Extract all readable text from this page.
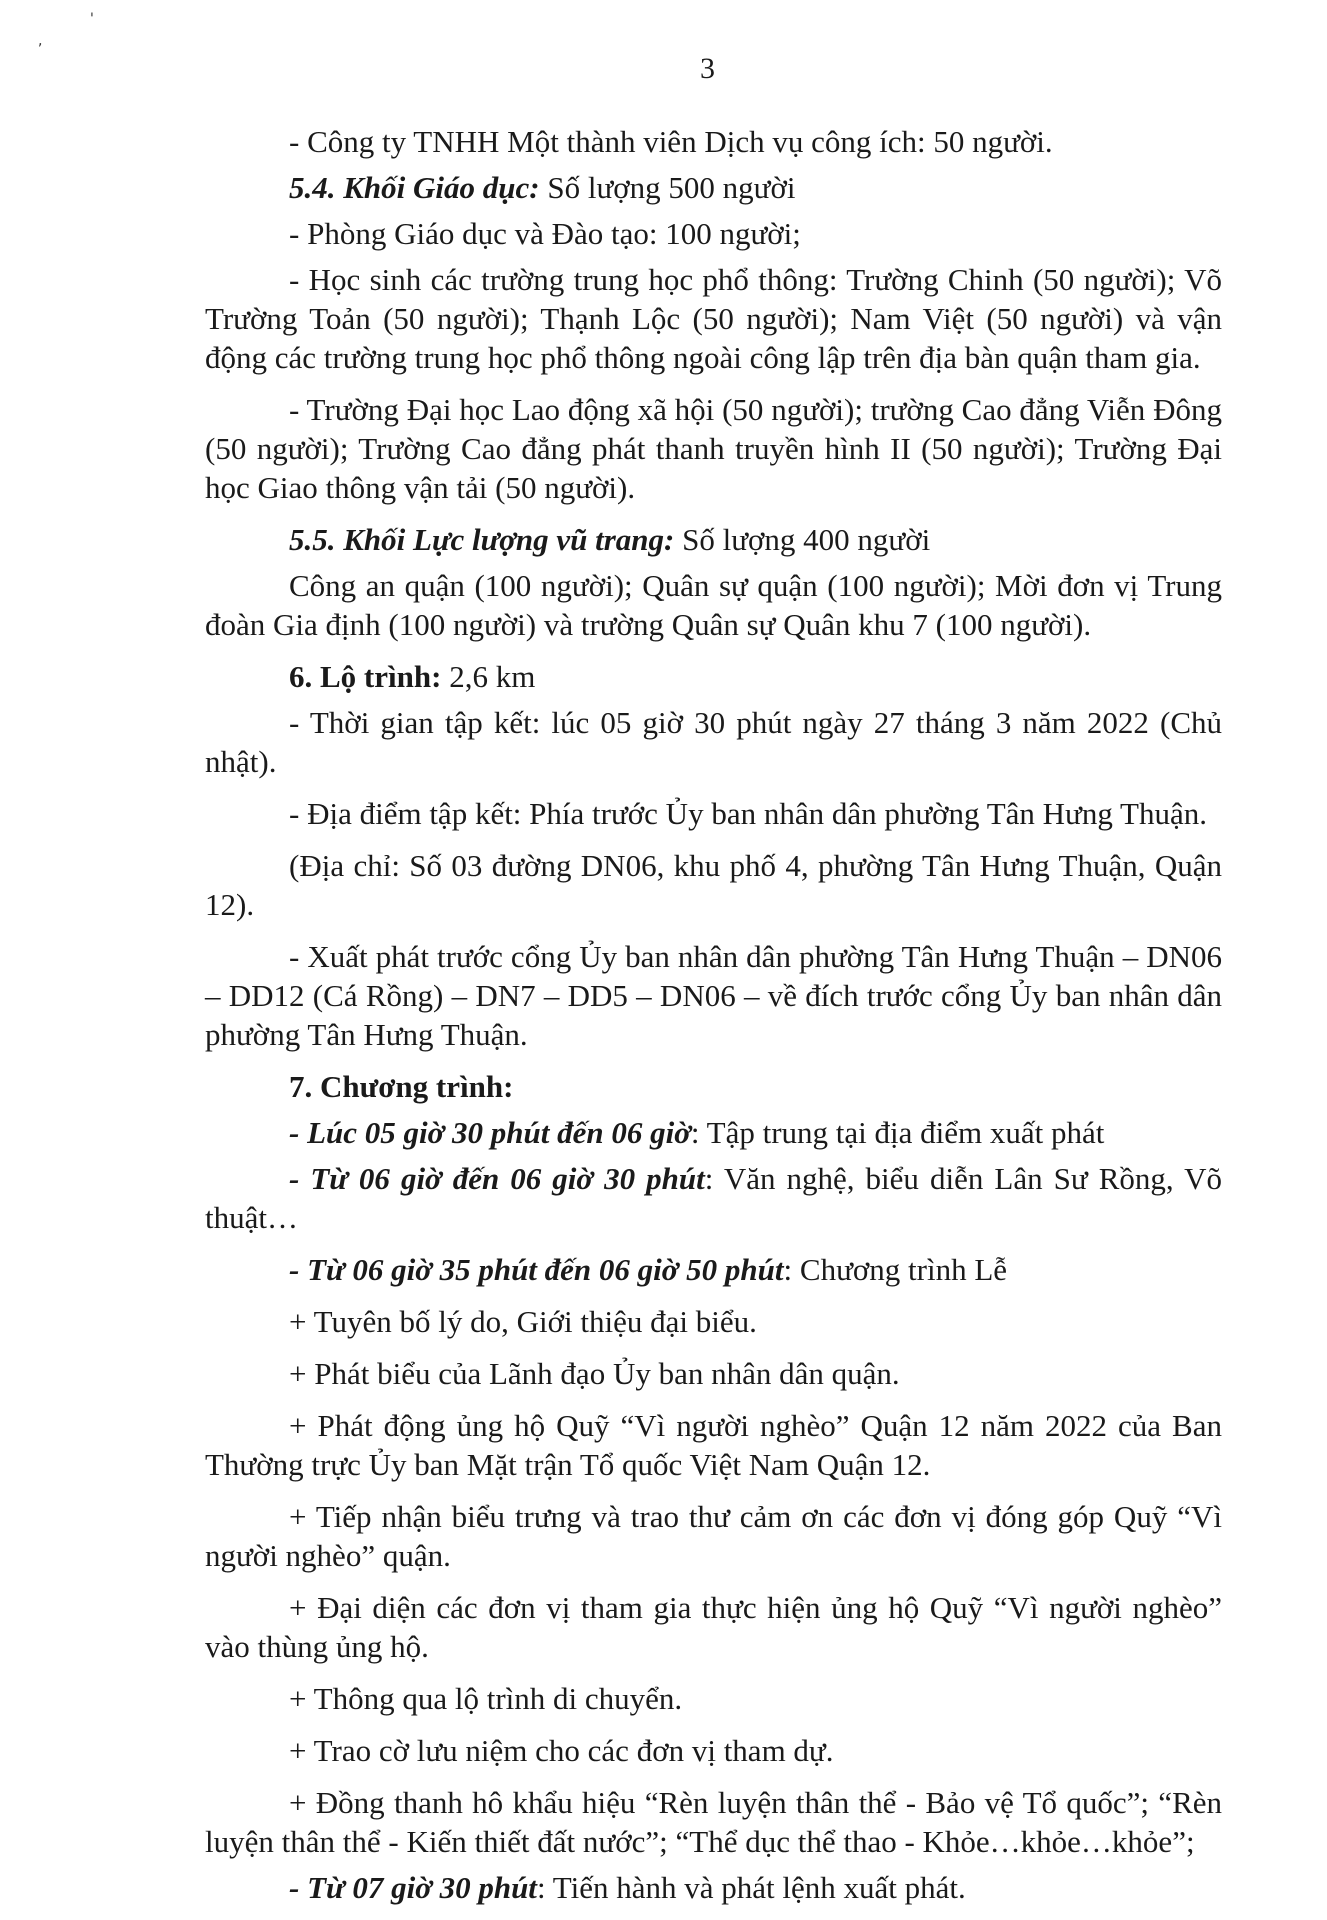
,
'
3

- Công ty TNHH Một thành viên Dịch vụ công ích: 50 người.

5.4. Khối Giáo dục: Số lượng 500 người

- Phòng Giáo dục và Đào tạo: 100 người;

- Học sinh các trường trung học phổ thông: Trường Chinh (50 người); Võ Trường Toản (50 người); Thạnh Lộc (50 người); Nam Việt (50 người) và vận động các trường trung học phổ thông ngoài công lập trên địa bàn quận tham gia.

- Trường Đại học Lao động xã hội (50 người); trường Cao đẳng Viễn Đông (50 người); Trường Cao đẳng phát thanh truyền hình II (50 người); Trường Đại học Giao thông vận tải (50 người).

5.5. Khối Lực lượng vũ trang: Số lượng 400 người

Công an quận (100 người); Quân sự quận (100 người); Mời đơn vị Trung đoàn Gia định (100 người) và trường Quân sự Quân khu 7 (100 người).

6. Lộ trình: 2,6 km

- Thời gian tập kết: lúc 05 giờ 30 phút ngày 27 tháng 3 năm 2022 (Chủ nhật).

- Địa điểm tập kết: Phía trước Ủy ban nhân dân phường Tân Hưng Thuận.

(Địa chỉ: Số 03 đường DN06, khu phố 4, phường Tân Hưng Thuận, Quận 12).

- Xuất phát trước cổng Ủy ban nhân dân phường Tân Hưng Thuận – DN06 – DD12 (Cá Rồng) – DN7 – DD5 – DN06 – về đích trước cổng Ủy ban nhân dân phường Tân Hưng Thuận.

7. Chương trình:

- Lúc 05 giờ 30 phút đến 06 giờ: Tập trung tại địa điểm xuất phát

- Từ 06 giờ đến 06 giờ 30 phút: Văn nghệ, biểu diễn Lân Sư Rồng, Võ thuật…

- Từ 06 giờ 35 phút đến 06 giờ 50 phút: Chương trình Lễ

+ Tuyên bố lý do, Giới thiệu đại biểu.

+ Phát biểu của Lãnh đạo Ủy ban nhân dân quận.

+ Phát động ủng hộ Quỹ “Vì người nghèo” Quận 12 năm 2022 của Ban Thường trực Ủy ban Mặt trận Tổ quốc Việt Nam Quận 12.

+ Tiếp nhận biểu trưng và trao thư cảm ơn các đơn vị đóng góp Quỹ “Vì người nghèo” quận.

+ Đại diện các đơn vị tham gia thực hiện ủng hộ Quỹ “Vì người nghèo” vào thùng ủng hộ.

+ Thông qua lộ trình di chuyển.

+ Trao cờ lưu niệm cho các đơn vị tham dự.

+ Đồng thanh hô khẩu hiệu “Rèn luyện thân thể - Bảo vệ Tổ quốc”; “Rèn luyện thân thể - Kiến thiết đất nước”; “Thể dục thể thao - Khỏe…khỏe…khỏe”;

- Từ 07 giờ 30 phút: Tiến hành và phát lệnh xuất phát.
